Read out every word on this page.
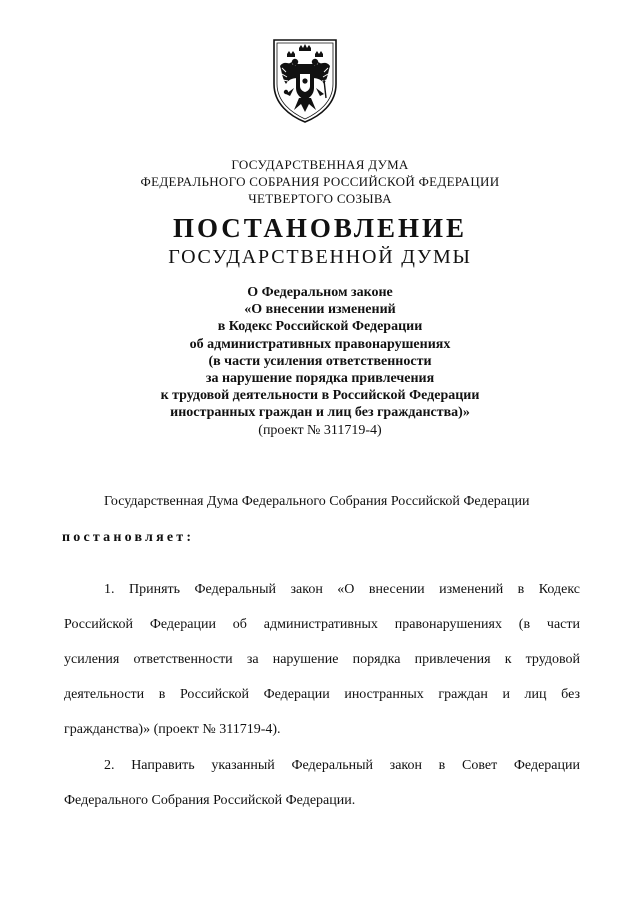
ГОСУДАРСТВЕННАЯ ДУМА
ФЕДЕРАЛЬНОГО СОБРАНИЯ РОССИЙСКОЙ ФЕДЕРАЦИИ
ЧЕТВЕРТОГО СОЗЫВА
ПОСТАНОВЛЕНИЕ
ГОСУДАРСТВЕННОЙ ДУМЫ
О Федеральном законе
«О внесении изменений
в Кодекс Российской Федерации
об административных правонарушениях
(в части усиления ответственности
за нарушение порядка привлечения
к трудовой деятельности в Российской Федерации
иностранных граждан и лиц без гражданства)»
(проект № 311719-4)
Государственная Дума Федерального Собрания Российской Федерации
постановляет:
1. Принять Федеральный закон «О внесении изменений в Кодекс
Российской Федерации об административных правонарушениях (в части
усиления ответственности за нарушение порядка привлечения к трудовой
деятельности в Российской Федерации иностранных граждан и лиц без
гражданства)» (проект № 311719-4).
2. Направить указанный Федеральный закон в Совет Федерации
Федерального Собрания Российской Федерации.
